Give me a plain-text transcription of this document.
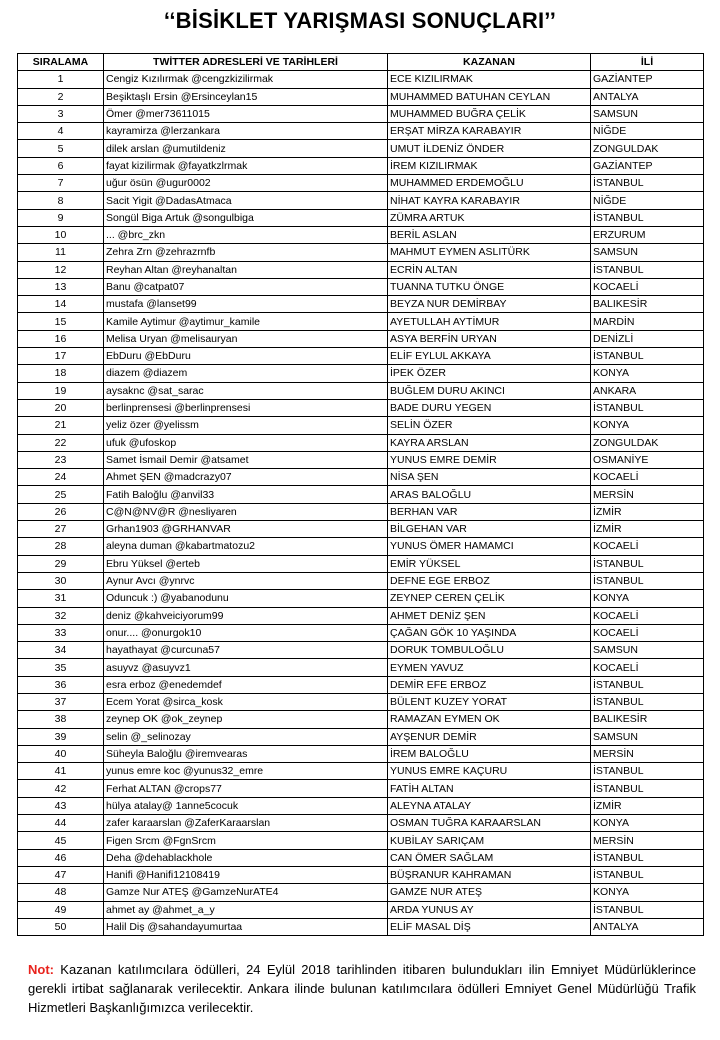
‘‘BİSİKLET YARIŞMASI SONUÇLARI’’
SIRALAMA	TWİTTER ADRESLERİ VE TARİHLERİ	KAZANAN	İLİ
1	Cengiz Kızılırmak @cengzkizilirmak	ECE KIZILIRMAK	GAZİANTEP
2	Beşiktaşlı Ersin @Ersinceylan15	MUHAMMED BATUHAN CEYLAN	ANTALYA
3	Ömer @mer73611015	MUHAMMED BUĞRA ÇELİK	SAMSUN
4	kayramirza @lerzankara	ERŞAT MİRZA KARABAYIR	NİĞDE
5	dilek arslan @umutildeniz	UMUT İLDENİZ ÖNDER	ZONGULDAK
6	fayat kizilirmak @fayatkzlrmak	İREM KIZILIRMAK	GAZİANTEP
7	uğur ösün @ugur0002	MUHAMMED ERDEMOĞLU	İSTANBUL
8	Sacit Yigit @DadasAtmaca	NİHAT KAYRA KARABAYIR	NİĞDE
9	Songül Biga Artuk @songulbiga	ZÜMRA ARTUK	İSTANBUL
10	... @brc_zkn	BERİL ASLAN	ERZURUM
11	Zehra Zrn @zehrazrnfb	MAHMUT EYMEN ASLITÜRK	SAMSUN
12	Reyhan Altan @reyhanaltan	ECRİN ALTAN	İSTANBUL
13	Banu @catpat07	TUANNA TUTKU ÖNGE	KOCAELİ
14	mustafa @lanset99	BEYZA NUR DEMİRBAY	BALIKESİR
15	Kamile Aytimur @aytimur_kamile	AYETULLAH AYTİMUR	MARDİN
16	Melisa Uryan @melisauryan	ASYA BERFİN URYAN	DENİZLİ
17	EbDuru @EbDuru	ELİF EYLUL AKKAYA	İSTANBUL
18	diazem @diazem	İPEK ÖZER	KONYA
19	aysaknc @sat_sarac	BUĞLEM DURU AKINCI	ANKARA
20	berlinprensesi @berlinprensesi	BADE DURU YEGEN	İSTANBUL
21	yeliz özer @yelissm	SELİN ÖZER	KONYA
22	ufuk @ufoskop	KAYRA ARSLAN	ZONGULDAK
23	Samet İsmail Demir @atsamet	YUNUS EMRE DEMİR	OSMANİYE
24	Ahmet ŞEN @madcrazy07	NİSA ŞEN	KOCAELİ
25	Fatih Baloğlu @anvil33	ARAS BALOĞLU	MERSİN
26	C@N@NV@R @nesliyaren	BERHAN VAR	İZMİR
27	Grhan1903 @GRHANVAR	BİLGEHAN VAR	İZMİR
28	aleyna duman @kabartmatozu2	YUNUS ÖMER HAMAMCI	KOCAELİ
29	Ebru Yüksel @erteb	EMİR YÜKSEL	İSTANBUL
30	Aynur Avcı @ynrvc	DEFNE EGE ERBOZ	İSTANBUL
31	Oduncuk :) @yabanodunu	ZEYNEP CEREN ÇELİK	KONYA
32	deniz @kahveiciyorum99	AHMET DENİZ ŞEN	KOCAELİ
33	onur.... @onurgok10	ÇAĞAN GÖK 10 YAŞINDA	KOCAELİ
34	hayathayat @curcuna57	DORUK TOMBULOĞLU	SAMSUN
35	asuyvz @asuyvz1	EYMEN YAVUZ	KOCAELİ
36	esra erboz @enedemdef	DEMİR EFE ERBOZ	İSTANBUL
37	Ecem Yorat @sirca_kosk	BÜLENT KUZEY YORAT	İSTANBUL
38	zeynep OK @ok_zeynep	RAMAZAN EYMEN OK	BALIKESİR
39	selin @_selinozay	AYŞENUR DEMİR	SAMSUN
40	Süheyla Baloğlu @iremvearas	İREM BALOĞLU	MERSİN
41	yunus emre koc @yunus32_emre	YUNUS EMRE KAÇURU	İSTANBUL
42	Ferhat ALTAN @crops77	FATİH ALTAN	İSTANBUL
43	hülya atalay@ 1anne5cocuk	ALEYNA ATALAY	İZMİR
44	zafer karaarslan @ZaferKaraarslan	OSMAN TUĞRA KARAARSLAN	KONYA
45	Figen Srcm @FgnSrcm	KUBİLAY SARIÇAM	MERSİN
46	Deha @dehablackhole	CAN ÖMER SAĞLAM	İSTANBUL
47	Hanifi @Hanifi12108419	BÜŞRANUR KAHRAMAN	İSTANBUL
48	Gamze Nur ATEŞ @GamzeNurATE4	GAMZE NUR ATEŞ	KONYA
49	ahmet ay @ahmet_a_y	ARDA YUNUS AY	İSTANBUL
50	Halil Diş @sahandayumurtaa	ELİF MASAL DİŞ	ANTALYA
Not: Kazanan katılımcılara ödülleri, 24 Eylül 2018 tarihlinden itibaren bulundukları ilin Emniyet Müdürlüklerince gerekli irtibat sağlanarak verilecektir. Ankara ilinde bulunan katılımcılara ödülleri Emniyet Genel Müdürlüğü Trafik Hizmetleri Başkanlığımızca verilecektir.
